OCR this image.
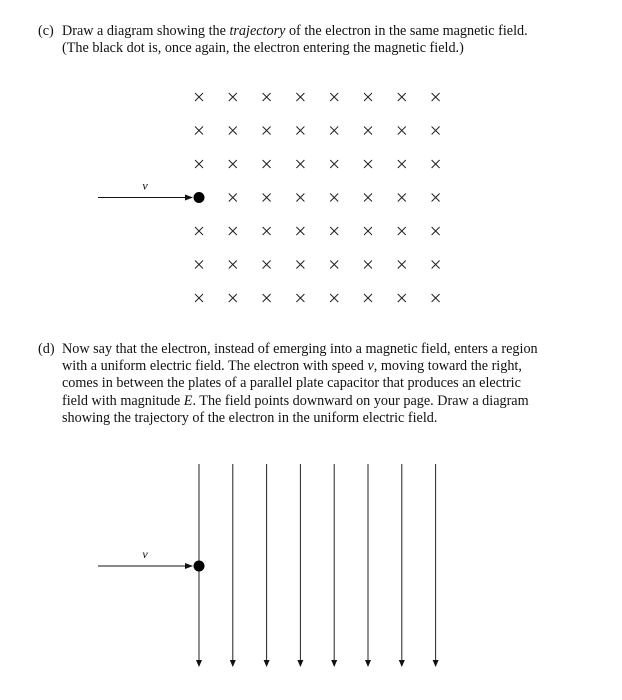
(c) Draw a diagram showing the trajectory of the electron in the same magnetic field.

(The black dot is, once again, the electron entering the magnetic field.)

v

(d) Now say that the electron, instead of emerging into a magnetic field, enters a region

with a uniform electric field. The electron with speed v, moving toward the right,

comes in between the plates of a parallel plate capacitor that produces an electric

field with magnitude E. The field points downward on your page. Draw a diagram

showing the trajectory of the electron in the uniform electric field.

v
